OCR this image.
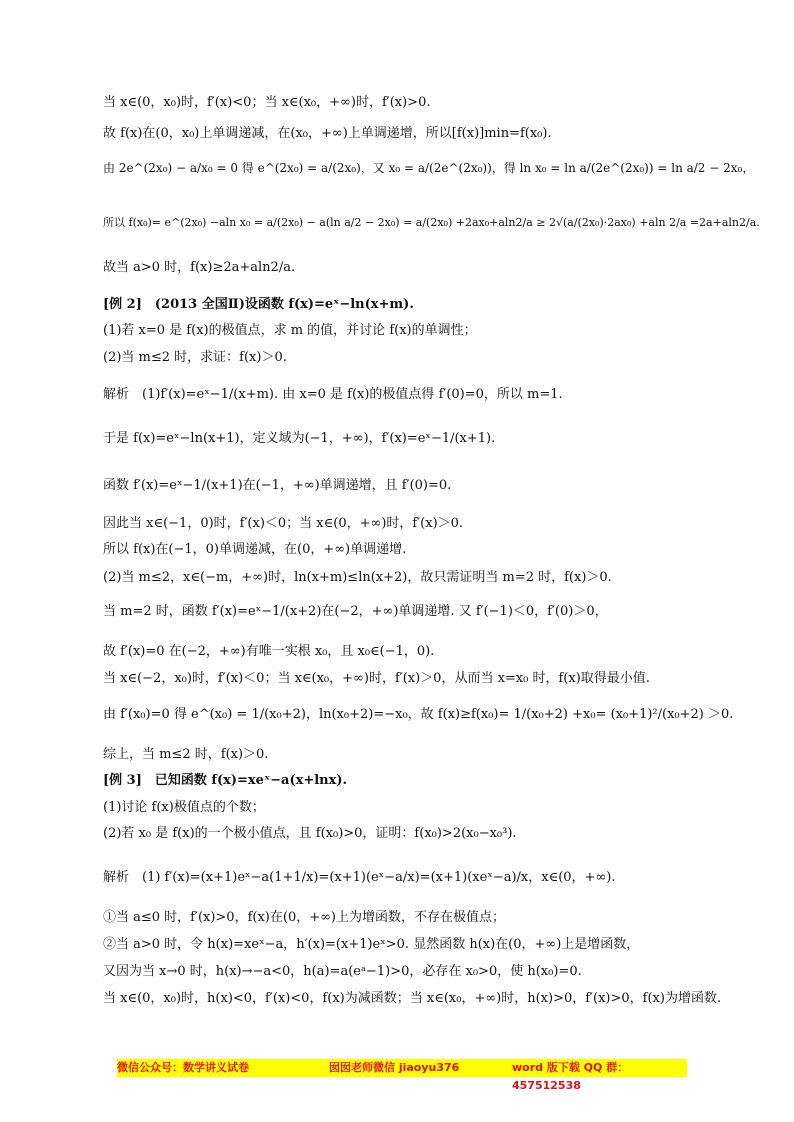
当 x∈(0，x₀)时，f′(x)<0；当 x∈(x₀，+∞)时，f′(x)>0.
故 f(x)在(0，x₀)上单调递减，在(x₀，+∞)上单调递增，所以[f(x)]min=f(x₀).
由 2e^(2x₀) − a/x₀ = 0 得 e^(2x₀) = a/(2x₀)，又 x₀ = a/(2e^(2x₀))，得 ln x₀ = ln a/(2e^(2x₀)) = ln a/2 − 2x₀，
所以 f(x₀)= e^(2x₀) −aln x₀ = a/(2x₀) − a(ln a/2 − 2x₀) = a/(2x₀) +2ax₀+aln2/a ≥ 2√(a/(2x₀)·2ax₀) +aln 2/a =2a+aln2/a.
故当 a>0 时，f(x)≥2a+aln2/a.
[例 2]　(2013 全国Ⅱ)设函数 f(x)=eˣ−ln(x+m).
(1)若 x=0 是 f(x)的极值点，求 m 的值，并讨论 f(x)的单调性；
(2)当 m≤2 时，求证：f(x)＞0.
解析　(1)f′(x)=eˣ−1/(x+m). 由 x=0 是 f(x)的极值点得 f′(0)=0，所以 m=1.
于是 f(x)=eˣ−ln(x+1)，定义域为(−1，+∞)，f′(x)=eˣ−1/(x+1).
函数 f′(x)=eˣ−1/(x+1)在(−1，+∞)单调递增，且 f′(0)=0.
因此当 x∈(−1，0)时，f′(x)＜0；当 x∈(0，+∞)时，f′(x)＞0.
所以 f(x)在(−1，0)单调递减，在(0，+∞)单调递增.
(2)当 m≤2，x∈(−m，+∞)时，ln(x+m)≤ln(x+2)，故只需证明当 m=2 时，f(x)＞0.
当 m=2 时，函数 f′(x)=eˣ−1/(x+2)在(−2，+∞)单调递增. 又 f′(−1)＜0，f′(0)＞0，
故 f′(x)=0 在(−2，+∞)有唯一实根 x₀，且 x₀∈(−1，0).
当 x∈(−2，x₀)时，f′(x)＜0；当 x∈(x₀，+∞)时，f′(x)＞0，从而当 x=x₀ 时，f(x)取得最小值.
由 f′(x₀)=0 得 e^(x₀) = 1/(x₀+2)，ln(x₀+2)=−x₀，故 f(x)≥f(x₀)= 1/(x₀+2) +x₀= (x₀+1)²/(x₀+2) ＞0.
综上，当 m≤2 时，f(x)＞0.
[例 3]　已知函数 f(x)=xeˣ−a(x+lnx).
(1)讨论 f(x)极值点的个数；
(2)若 x₀ 是 f(x)的一个极小值点，且 f(x₀)>0，证明：f(x₀)>2(x₀−x₀³).
解析　(1) f′(x)=(x+1)eˣ−a(1+1/x)=(x+1)(eˣ−a/x)=(x+1)(xeˣ−a)/x，x∈(0，+∞).
①当 a≤0 时，f′(x)>0，f(x)在(0，+∞)上为增函数，不存在极值点；
②当 a>0 时，令 h(x)=xeˣ−a，h′(x)=(x+1)eˣ>0. 显然函数 h(x)在(0，+∞)上是增函数，
又因为当 x→0 时，h(x)→−a<0，h(a)=a(eᵃ−1)>0，必存在 x₀>0，使 h(x₀)=0.
当 x∈(0，x₀)时，h(x)<0，f′(x)<0，f(x)为减函数；当 x∈(x₀，+∞)时，h(x)>0，f′(x)>0，f(x)为增函数.
微信公众号：数学讲义试卷	囡囡老师微信 jiaoyu376	word 版下载 QQ 群：457512538
